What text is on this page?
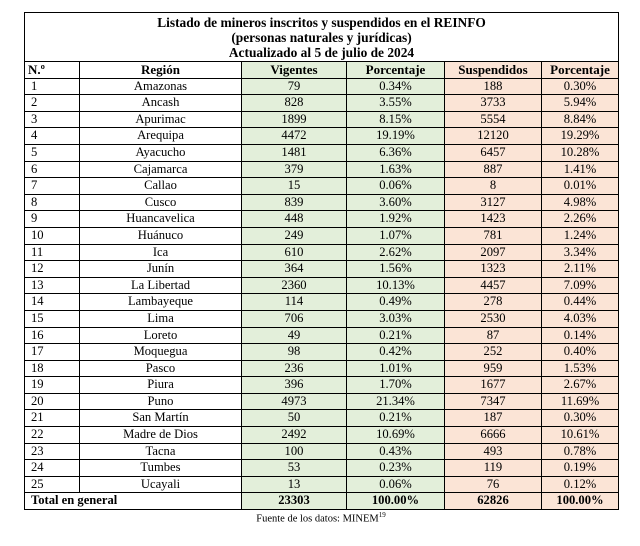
Listado de mineros inscritos y suspendidos en el REINFO
(personas naturales y jurídicas)
Actualizado al 5 de julio de 2024					

N.º	Región	Vigentes	Porcentaje	Suspendidos	Porcentaje
1	Amazonas	79	0.34%	188	0.30%
2	Ancash	828	3.55%	3733	5.94%
3	Apurimac	1899	8.15%	5554	8.84%
4	Arequipa	4472	19.19%	12120	19.29%
5	Ayacucho	1481	6.36%	6457	10.28%
6	Cajamarca	379	1.63%	887	1.41%
7	Callao	15	0.06%	8	0.01%
8	Cusco	839	3.60%	3127	4.98%
9	Huancavelica	448	1.92%	1423	2.26%
10	Huánuco	249	1.07%	781	1.24%
11	Ica	610	2.62%	2097	3.34%
12	Junín	364	1.56%	1323	2.11%
13	La Libertad	2360	10.13%	4457	7.09%
14	Lambayeque	114	0.49%	278	0.44%
15	Lima	706	3.03%	2530	4.03%
16	Loreto	49	0.21%	87	0.14%
17	Moquegua	98	0.42%	252	0.40%
18	Pasco	236	1.01%	959	1.53%
19	Piura	396	1.70%	1677	2.67%
20	Puno	4973	21.34%	7347	11.69%
21	San Martín	50	0.21%	187	0.30%
22	Madre de Dios	2492	10.69%	6666	10.61%
23	Tacna	100	0.43%	493	0.78%
24	Tumbes	53	0.23%	119	0.19%
25	Ucayali	13	0.06%	76	0.12%
Total en general		23303	100.00%	62826	100.00%
Fuente de los datos: MINEM$^{19}$
